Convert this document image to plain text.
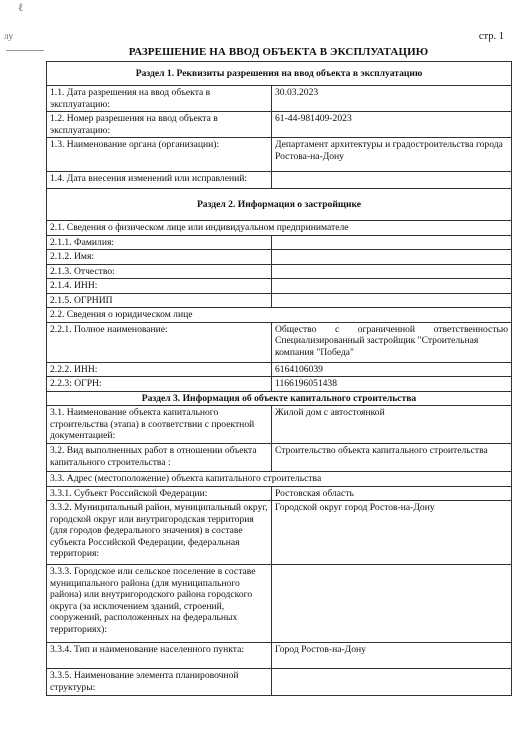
ℓ
лу	стр. 1
РАЗРЕШЕНИЕ НА ВВОД ОБЪЕКТА В ЭКСПЛУАТАЦИЮ
Раздел 1. Реквизиты разрешения на ввод объекта в эксплуатацию	
1.1. Дата разрешения на ввод объекта в эксплуатацию:	30.03.2023
1.2. Номер разрешения на ввод объекта в эксплуатацию:	61-44-981409-2023
1.3. Наименование органа (организации):	Департамент архитектуры и градостроительства города Ростова-на-Дону
1.4. Дата внесения изменений или исправлений:	
Раздел 2. Информация о застройщике	
2.1. Сведения о физическом лице или индивидуальном предпринимателе	
2.1.1. Фамилия:	
2.1.2. Имя:	
2.1.3. Отчество:	
2.1.4. ИНН:	
2.1.5. ОГРНИП	
2.2. Сведения о юридическом лице	
2.2.1. Полное наименование:	Общество с ограниченной ответственностью
Специализированный застройщик "Строительная компания "Победа"

2.2.2. ИНН:	6164106039
2.2.3: ОГРН:	1166196051438
Раздел 3. Информация об объекте капитального строительства	
3.1. Наименование объекта капитального строительства (этапа) в соответствии с проектной документацией:	Жилой дом с автостоянкой
3.2. Вид выполненных работ в отношении объекта капитального строительства :	Строительство объекта капитального строительства
3.3. Адрес (местоположение) объекта капитального строительства	
3.3.1. Субъект Российской Федерации:	Ростовская область
3.3.2. Муниципальный район, муниципальный округ, городской округ или внутригородская территория (для городов федерального значения) в составе субъекта Российской Федерации, федеральная территория:	Городской округ город Ростов-на-Дону
3.3.3. Городское или сельское поселение в составе муниципального района (для муниципального района) или внутригородского района городского округа (за исключением зданий, строений, сооружений, расположенных на федеральных территориях):	
3.3.4. Тип и наименование населенного пункта:	Город Ростов-на-Дону
3.3.5. Наименование элемента планировочной структуры:	
